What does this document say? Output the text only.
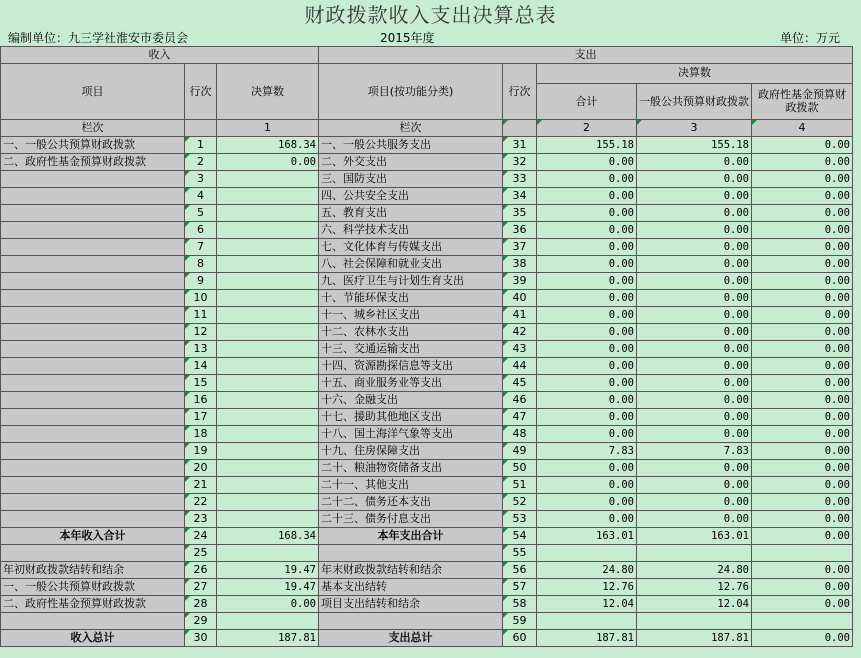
财政拨款收入支出决算总表
编制单位：九三学社淮安市委员会	2015年度	单位：万元
收入			支出				
项目	行次	决算数	项目(按功能分类)	行次	决算数		
					合计	一般公共预算财政拨款	政府性基金预算财政拨款
栏次		1	栏次		2	3	4
一、一般公共预算财政拨款	1	168.34	一、一般公共服务支出	31	155.18	155.18	0.00
二、政府性基金预算财政拨款	2	0.00	二、外交支出	32	0.00	0.00	0.00
	3		三、国防支出	33	0.00	0.00	0.00
	4		四、公共安全支出	34	0.00	0.00	0.00
	5		五、教育支出	35	0.00	0.00	0.00
	6		六、科学技术支出	36	0.00	0.00	0.00
	7		七、文化体育与传媒支出	37	0.00	0.00	0.00
	8		八、社会保障和就业支出	38	0.00	0.00	0.00
	9		九、医疗卫生与计划生育支出	39	0.00	0.00	0.00
	10		十、节能环保支出	40	0.00	0.00	0.00
	11		十一、城乡社区支出	41	0.00	0.00	0.00
	12		十二、农林水支出	42	0.00	0.00	0.00
	13		十三、交通运输支出	43	0.00	0.00	0.00
	14		十四、资源勘探信息等支出	44	0.00	0.00	0.00
	15		十五、商业服务业等支出	45	0.00	0.00	0.00
	16		十六、金融支出	46	0.00	0.00	0.00
	17		十七、援助其他地区支出	47	0.00	0.00	0.00
	18		十八、国土海洋气象等支出	48	0.00	0.00	0.00
	19		十九、住房保障支出	49	7.83	7.83	0.00
	20		二十、粮油物资储备支出	50	0.00	0.00	0.00
	21		二十一、其他支出	51	0.00	0.00	0.00
	22		二十二、债务还本支出	52	0.00	0.00	0.00
	23		二十三、债务付息支出	53	0.00	0.00	0.00
本年收入合计	24	168.34	本年支出合计	54	163.01	163.01	0.00
	25			55			
年初财政拨款结转和结余	26	19.47	年末财政拨款结转和结余	56	24.80	24.80	0.00
一、一般公共预算财政拨款	27	19.47	基本支出结转	57	12.76	12.76	0.00
二、政府性基金预算财政拨款	28	0.00	项目支出结转和结余	58	12.04	12.04	0.00
	29			59			
收入总计	30	187.81	支出总计	60	187.81	187.81	0.00
